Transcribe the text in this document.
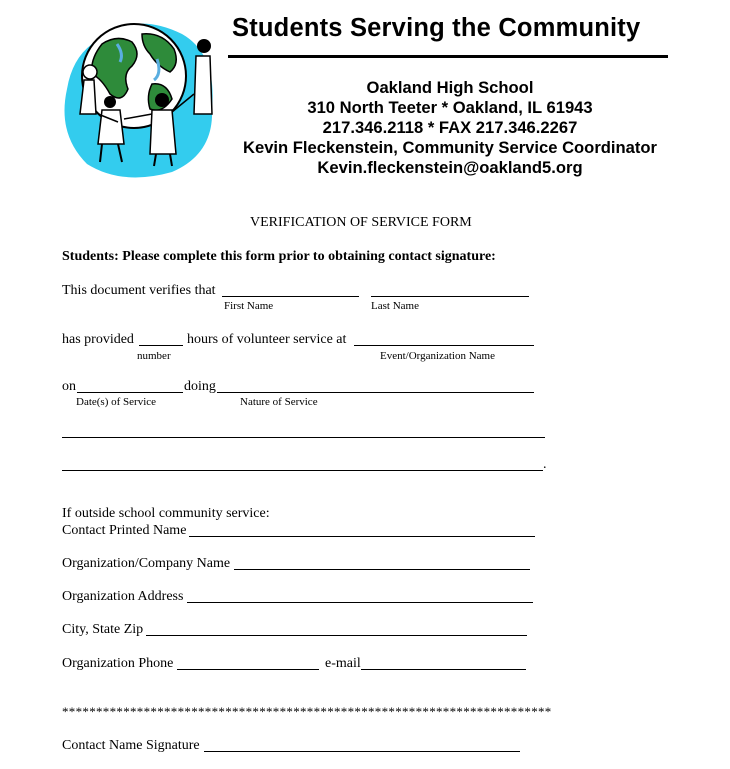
Students Serving the Community
Oakland High School
310 North Teeter * Oakland, IL 61943
217.346.2118 * FAX 217.346.2267
Kevin Fleckenstein, Community Service Coordinator
Kevin.fleckenstein@oakland5.org
VERIFICATION OF SERVICE FORM
Students: Please complete this form prior to obtaining contact signature:
This document verifies that
First Name	Last Name
has provided	hours of volunteer service at
number	Event/Organization Name
on	doing
Date(s) of Service	Nature of Service
.
If outside school community service:
Contact Printed Name
Organization/Company Name
Organization Address
City, State Zip
Organization Phone	e-mail
************************************************************************
Contact Name Signature
